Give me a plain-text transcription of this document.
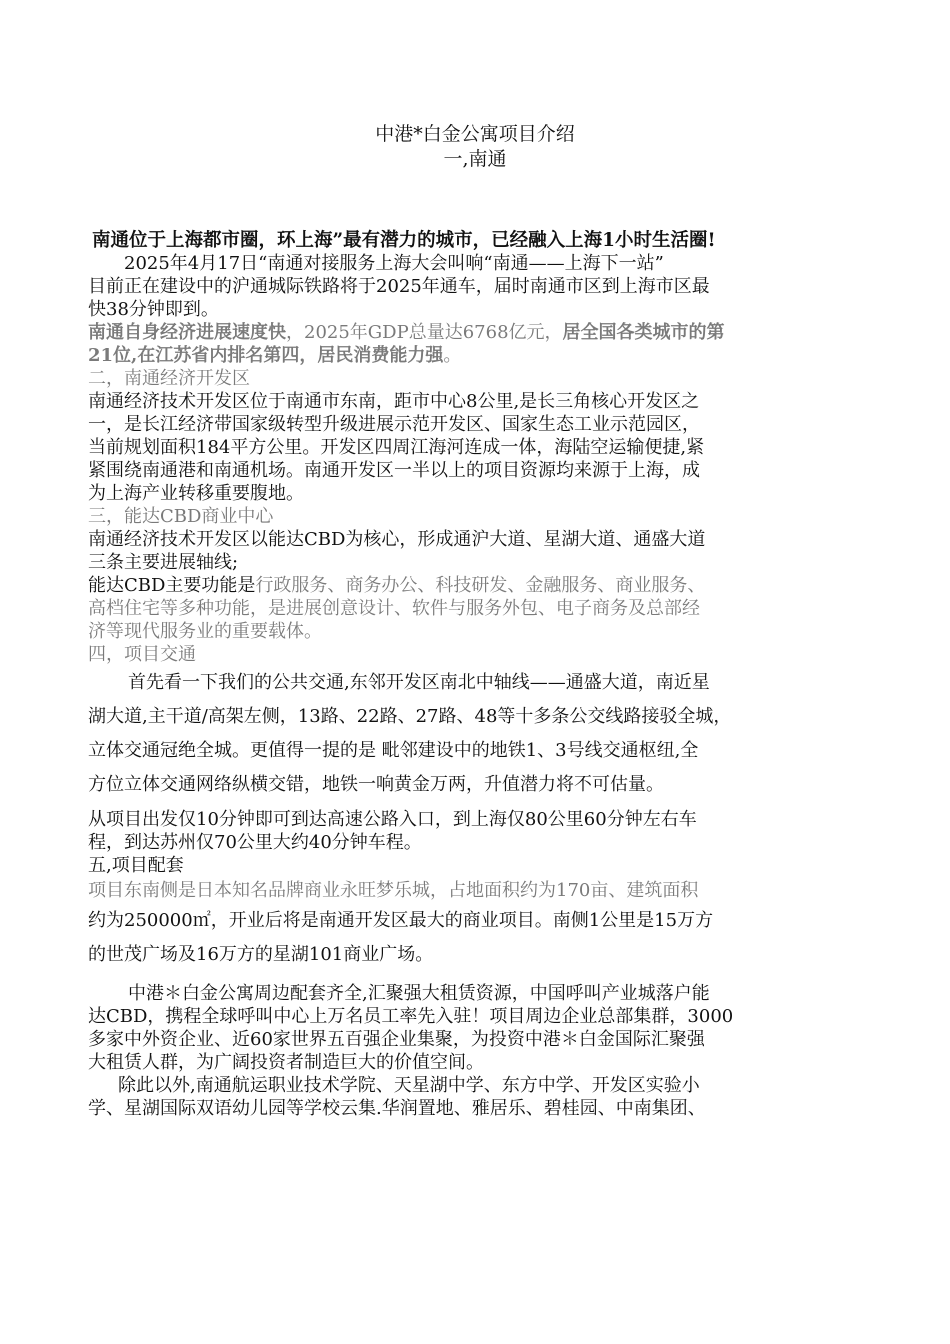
中港*白金公寓项目介绍
一,南通
南通位于上海都市圈，环上海”最有潜力的城市，已经融入上海1小时生活圈!
2025年4月17日“南通对接服务上海大会叫响“南通——上海下一站”
目前正在建设中的沪通城际铁路将于2025年通车，届时南通市区到上海市区最
快38分钟即到。
南通自身经济进展速度快，2025年GDP总量达6768亿元，居全国各类城市的第
21位,在江苏省内排名第四，居民消费能力强。
二，南通经济开发区
南通经济技术开发区位于南通市东南，距市中心8公里,是长三角核心开发区之
一，是长江经济带国家级转型升级进展示范开发区、国家生态工业示范园区，
当前规划面积184平方公里。开发区四周江海河连成一体，海陆空运输便捷,紧
紧围绕南通港和南通机场。南通开发区一半以上的项目资源均来源于上海，成
为上海产业转移重要腹地。
三，能达CBD商业中心
南通经济技术开发区以能达CBD为核心，形成通沪大道、星湖大道、通盛大道
三条主要进展轴线;
能达CBD主要功能是行政服务、商务办公、科技研发、金融服务、商业服务、
高档住宅等多种功能，是进展创意设计、软件与服务外包、电子商务及总部经
济等现代服务业的重要载体。
四，项目交通
首先看一下我们的公共交通,东邻开发区南北中轴线——通盛大道，南近星
湖大道,主干道/高架左侧，13路、22路、27路、48等十多条公交线路接驳全城，
立体交通冠绝全城。更值得一提的是 毗邻建设中的地铁1、3号线交通枢纽,全
方位立体交通网络纵横交错，地铁一响黄金万两，升值潜力将不可估量。
从项目出发仅10分钟即可到达高速公路入口，到上海仅80公里60分钟左右车
程，到达苏州仅70公里大约40分钟车程。
五,项目配套
项目东南侧是日本知名品牌商业永旺梦乐城，占地面积约为170亩、建筑面积
约为250000㎡，开业后将是南通开发区最大的商业项目。南侧1公里是15万方
的世茂广场及16万方的星湖101商业广场。
中港＊白金公寓周边配套齐全,汇聚强大租赁资源，中国呼叫产业城落户能
达CBD，携程全球呼叫中心上万名员工率先入驻！项目周边企业总部集群，3000
多家中外资企业、近60家世界五百强企业集聚，为投资中港＊白金国际汇聚强
大租赁人群，为广阔投资者制造巨大的价值空间。
除此以外,南通航运职业技术学院、天星湖中学、东方中学、开发区实验小
学、星湖国际双语幼儿园等学校云集.华润置地、雅居乐、碧桂园、中南集团、
